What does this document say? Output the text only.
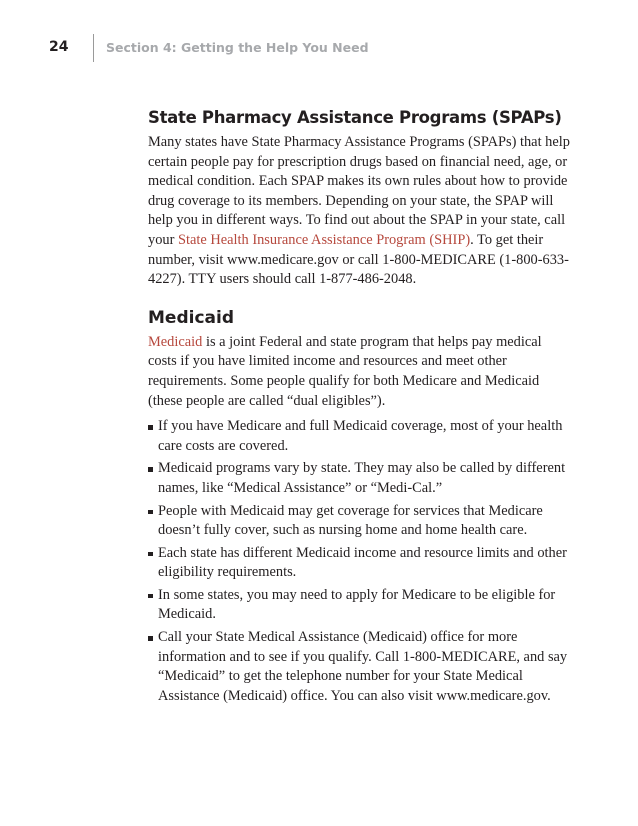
24	Section 4: Getting the Help You Need
State Pharmacy Assistance Programs (SPAPs)

Many states have State Pharmacy Assistance Programs (SPAPs) that help certain people pay for prescription drugs based on financial need, age, or medical condition. Each SPAP makes its own rules about how to provide drug coverage to its members. Depending on your state, the SPAP will help you in different ways. To find out about the SPAP in your state, call your State Health Insurance Assistance Program (SHIP). To get their number, visit www.medicare.gov or call 1-800-MEDICARE (1-800-633-4227). TTY users should call 1-877-486-2048.

Medicaid

Medicaid is a joint Federal and state program that helps pay medical costs if you have limited income and resources and meet other requirements. Some people qualify for both Medicare and Medicaid (these people are called “dual eligibles”).

If you have Medicare and full Medicaid coverage, most of your health care costs are covered.
Medicaid programs vary by state. They may also be called by different names, like “Medical Assistance” or “Medi-Cal.”
People with Medicaid may get coverage for services that Medicare doesn’t fully cover, such as nursing home and home health care.
Each state has different Medicaid income and resource limits and other eligibility requirements.
In some states, you may need to apply for Medicare to be eligible for Medicaid.
Call your State Medical Assistance (Medicaid) office for more information and to see if you qualify. Call 1-800-MEDICARE, and say “Medicaid” to get the telephone number for your State Medical Assistance (Medicaid) office. You can also visit www.medicare.gov.
